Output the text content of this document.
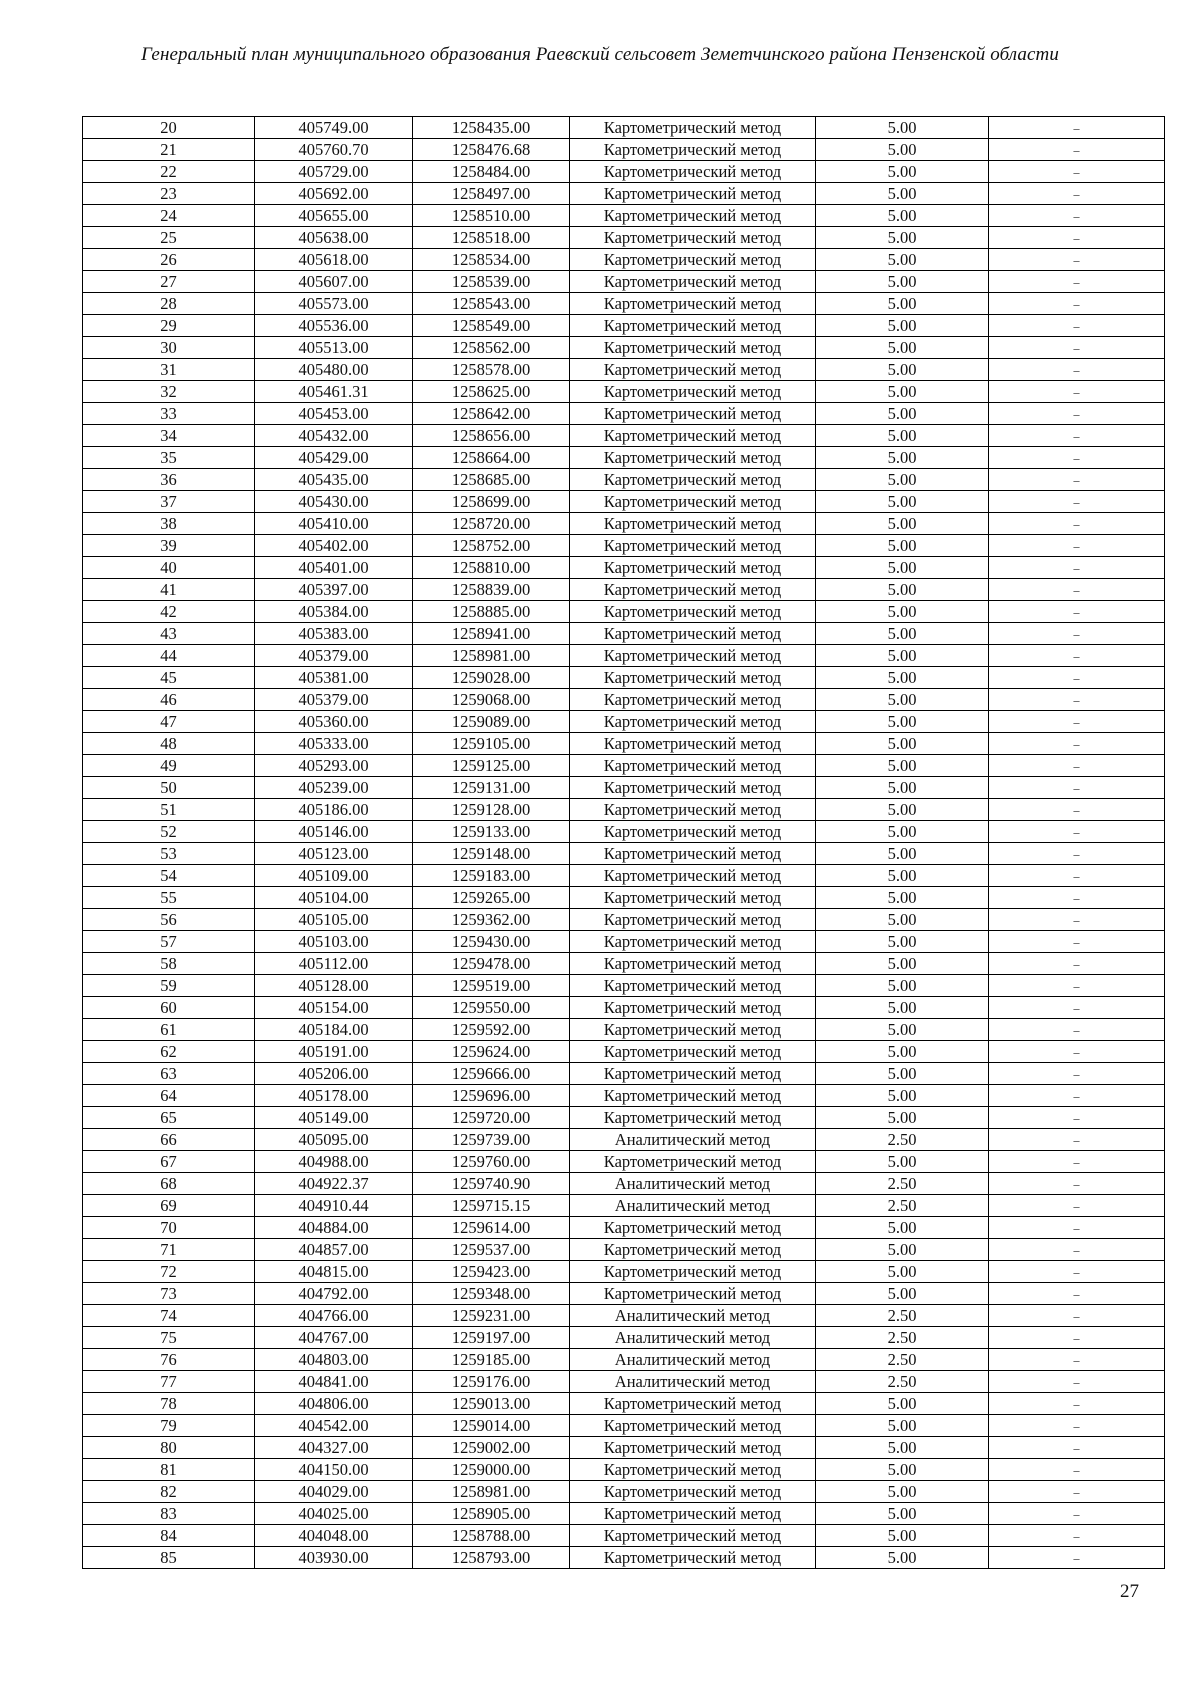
Генеральный план муниципального образования Раевский сельсовет Земетчинского района Пензенской области
20	405749.00	1258435.00	Картометрический метод	5.00	–
21	405760.70	1258476.68	Картометрический метод	5.00	–
22	405729.00	1258484.00	Картометрический метод	5.00	–
23	405692.00	1258497.00	Картометрический метод	5.00	–
24	405655.00	1258510.00	Картометрический метод	5.00	–
25	405638.00	1258518.00	Картометрический метод	5.00	–
26	405618.00	1258534.00	Картометрический метод	5.00	–
27	405607.00	1258539.00	Картометрический метод	5.00	–
28	405573.00	1258543.00	Картометрический метод	5.00	–
29	405536.00	1258549.00	Картометрический метод	5.00	–
30	405513.00	1258562.00	Картометрический метод	5.00	–
31	405480.00	1258578.00	Картометрический метод	5.00	–
32	405461.31	1258625.00	Картометрический метод	5.00	–
33	405453.00	1258642.00	Картометрический метод	5.00	–
34	405432.00	1258656.00	Картометрический метод	5.00	–
35	405429.00	1258664.00	Картометрический метод	5.00	–
36	405435.00	1258685.00	Картометрический метод	5.00	–
37	405430.00	1258699.00	Картометрический метод	5.00	–
38	405410.00	1258720.00	Картометрический метод	5.00	–
39	405402.00	1258752.00	Картометрический метод	5.00	–
40	405401.00	1258810.00	Картометрический метод	5.00	–
41	405397.00	1258839.00	Картометрический метод	5.00	–
42	405384.00	1258885.00	Картометрический метод	5.00	–
43	405383.00	1258941.00	Картометрический метод	5.00	–
44	405379.00	1258981.00	Картометрический метод	5.00	–
45	405381.00	1259028.00	Картометрический метод	5.00	–
46	405379.00	1259068.00	Картометрический метод	5.00	–
47	405360.00	1259089.00	Картометрический метод	5.00	–
48	405333.00	1259105.00	Картометрический метод	5.00	–
49	405293.00	1259125.00	Картометрический метод	5.00	–
50	405239.00	1259131.00	Картометрический метод	5.00	–
51	405186.00	1259128.00	Картометрический метод	5.00	–
52	405146.00	1259133.00	Картометрический метод	5.00	–
53	405123.00	1259148.00	Картометрический метод	5.00	–
54	405109.00	1259183.00	Картометрический метод	5.00	–
55	405104.00	1259265.00	Картометрический метод	5.00	–
56	405105.00	1259362.00	Картометрический метод	5.00	–
57	405103.00	1259430.00	Картометрический метод	5.00	–
58	405112.00	1259478.00	Картометрический метод	5.00	–
59	405128.00	1259519.00	Картометрический метод	5.00	–
60	405154.00	1259550.00	Картометрический метод	5.00	–
61	405184.00	1259592.00	Картометрический метод	5.00	–
62	405191.00	1259624.00	Картометрический метод	5.00	–
63	405206.00	1259666.00	Картометрический метод	5.00	–
64	405178.00	1259696.00	Картометрический метод	5.00	–
65	405149.00	1259720.00	Картометрический метод	5.00	–
66	405095.00	1259739.00	Аналитический метод	2.50	–
67	404988.00	1259760.00	Картометрический метод	5.00	–
68	404922.37	1259740.90	Аналитический метод	2.50	–
69	404910.44	1259715.15	Аналитический метод	2.50	–
70	404884.00	1259614.00	Картометрический метод	5.00	–
71	404857.00	1259537.00	Картометрический метод	5.00	–
72	404815.00	1259423.00	Картометрический метод	5.00	–
73	404792.00	1259348.00	Картометрический метод	5.00	–
74	404766.00	1259231.00	Аналитический метод	2.50	–
75	404767.00	1259197.00	Аналитический метод	2.50	–
76	404803.00	1259185.00	Аналитический метод	2.50	–
77	404841.00	1259176.00	Аналитический метод	2.50	–
78	404806.00	1259013.00	Картометрический метод	5.00	–
79	404542.00	1259014.00	Картометрический метод	5.00	–
80	404327.00	1259002.00	Картометрический метод	5.00	–
81	404150.00	1259000.00	Картометрический метод	5.00	–
82	404029.00	1258981.00	Картометрический метод	5.00	–
83	404025.00	1258905.00	Картометрический метод	5.00	–
84	404048.00	1258788.00	Картометрический метод	5.00	–
85	403930.00	1258793.00	Картометрический метод	5.00	–
27
